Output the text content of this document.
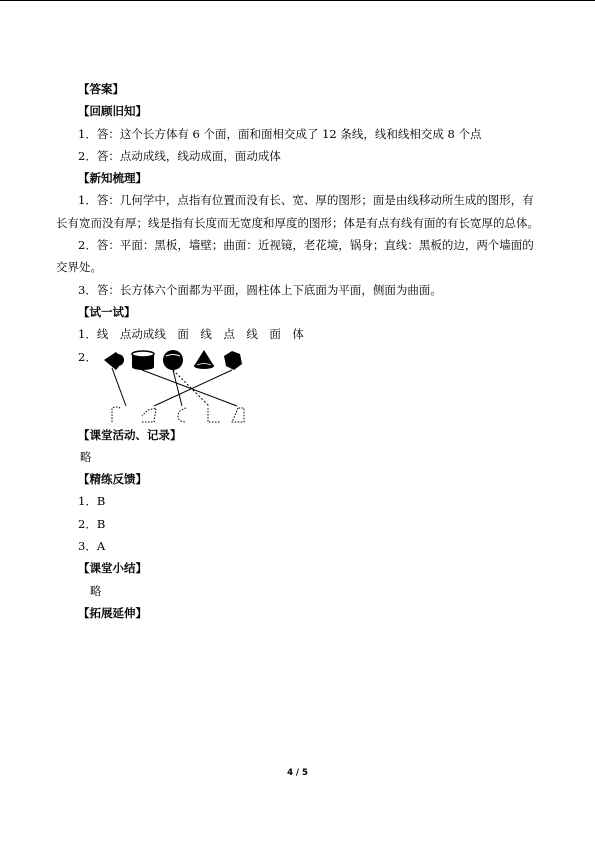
【答案】
【回顾旧知】
1．答：这个长方体有 6 个面，面和面相交成了 12 条线，线和线相交成 8 个点
2．答：点动成线，线动成面，面动成体
【新知梳理】
1．答：几何学中，点指有位置而没有长、宽、厚的图形；面是由线移动所生成的图形，有长有宽而没有厚；线是指有长度而无宽度和厚度的图形；体是有点有线有面的有长宽厚的总体。
2．答：平面：黑板，墙壁；曲面：近视镜，老花境，锅身；直线：黑板的边，两个墙面的交界处。
3．答：长方体六个面都为平面，圆柱体上下底面为平面，侧面为曲面。
【试一试】
1．线　点动成线　面　线　点　线　面　体
2．
【课堂活动、记录】
略
【精练反馈】
1．B
2．B
3．A
【课堂小结】
略
【拓展延伸】
4 / 5
